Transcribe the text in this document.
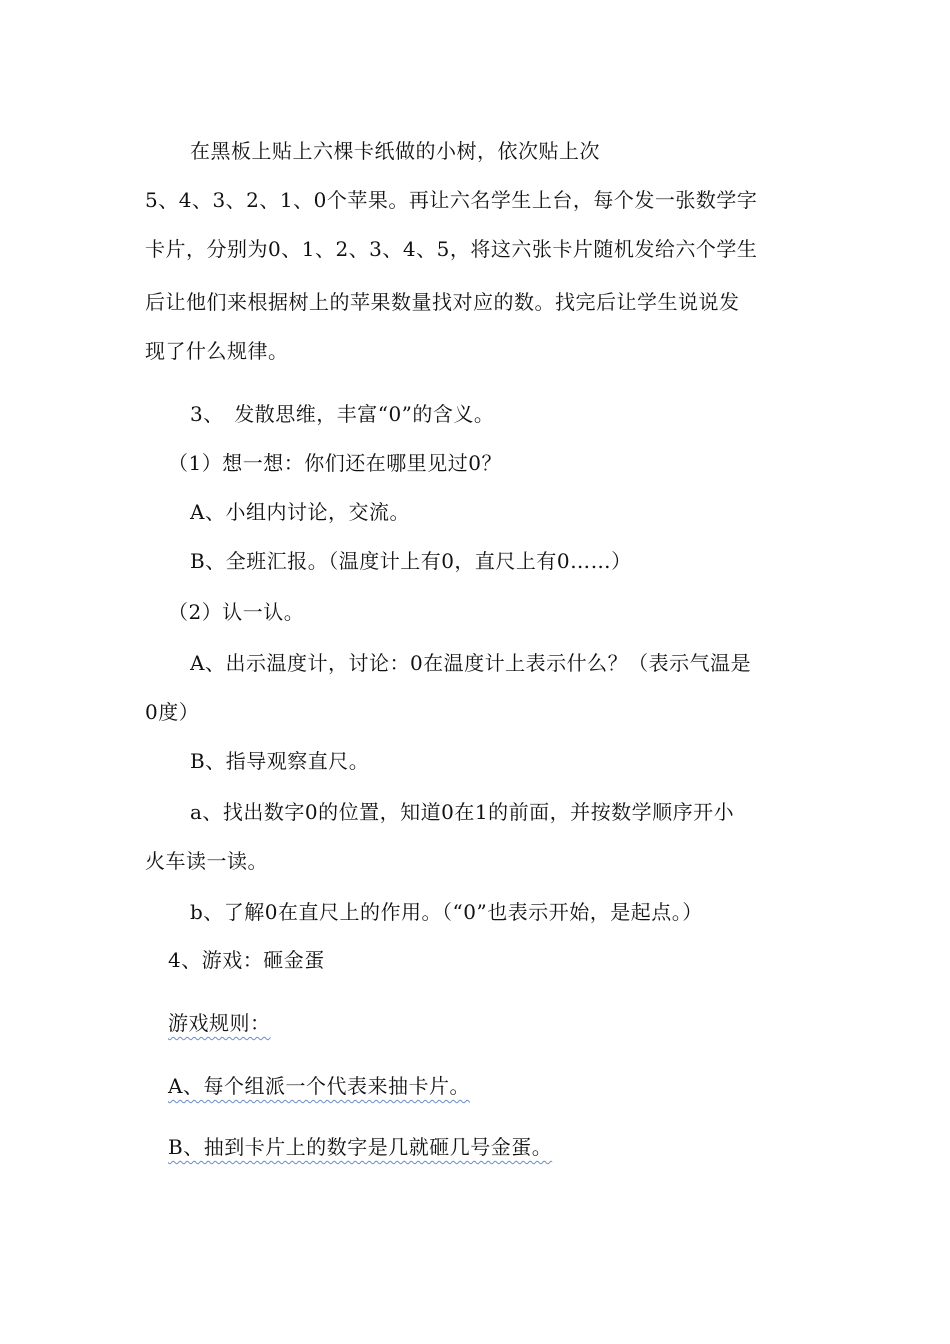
在黑板上贴上六棵卡纸做的小树，依次贴上次
5、4、3、2、1、0个苹果。再让六名学生上台，每个发一张数学字
卡片，分别为0、1、2、3、4、5，将这六张卡片随机发给六个学生
后让他们来根据树上的苹果数量找对应的数。找完后让学生说说发
现了什么规律。
3、　发散思维，丰富“0”的含义。
（1）想一想：你们还在哪里见过0？
A、小组内讨论，交流。
B、全班汇报。（温度计上有0，直尺上有0……）
（2）认一认。
A、出示温度计，讨论：0在温度计上表示什么？（表示气温是
0度）
B、指导观察直尺。
a、找出数字0的位置，知道0在1的前面，并按数学顺序开小
火车读一读。
b、了解0在直尺上的作用。（“0”也表示开始，是起点。）
4、游戏：砸金蛋
游戏规则：
A、每个组派一个代表来抽卡片。
B、抽到卡片上的数字是几就砸几号金蛋。
